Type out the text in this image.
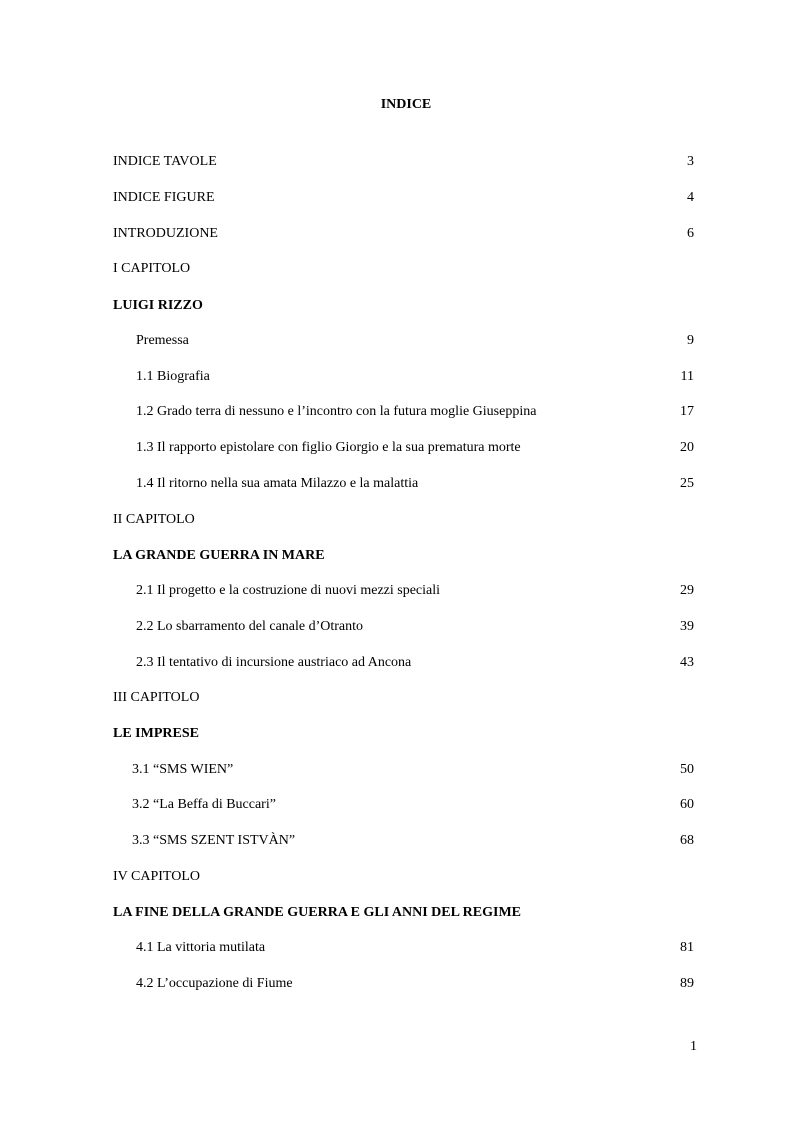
INDICE
INDICE TAVOLE	3
INDICE FIGURE	4
INTRODUZIONE	6
I CAPITOLO
LUIGI RIZZO
Premessa	9
1.1 Biografia	11
1.2 Grado terra di nessuno e l’incontro con la futura moglie Giuseppina	17
1.3 Il rapporto epistolare con figlio Giorgio e la sua prematura morte	20
1.4 Il ritorno nella sua amata Milazzo e la malattia	25
II CAPITOLO
LA GRANDE GUERRA IN MARE
2.1 Il progetto e la costruzione di nuovi mezzi speciali	29
2.2 Lo sbarramento del canale d’Otranto	39
2.3 Il tentativo di incursione austriaco ad Ancona	43
III CAPITOLO
LE IMPRESE
3.1 “SMS WIEN”	50
3.2 “La Beffa di Buccari”	60
3.3 “SMS SZENT ISTVÀN”	68
IV CAPITOLO
LA FINE DELLA GRANDE GUERRA E GLI ANNI DEL REGIME
4.1 La vittoria mutilata	81
4.2 L’occupazione di Fiume	89
1
